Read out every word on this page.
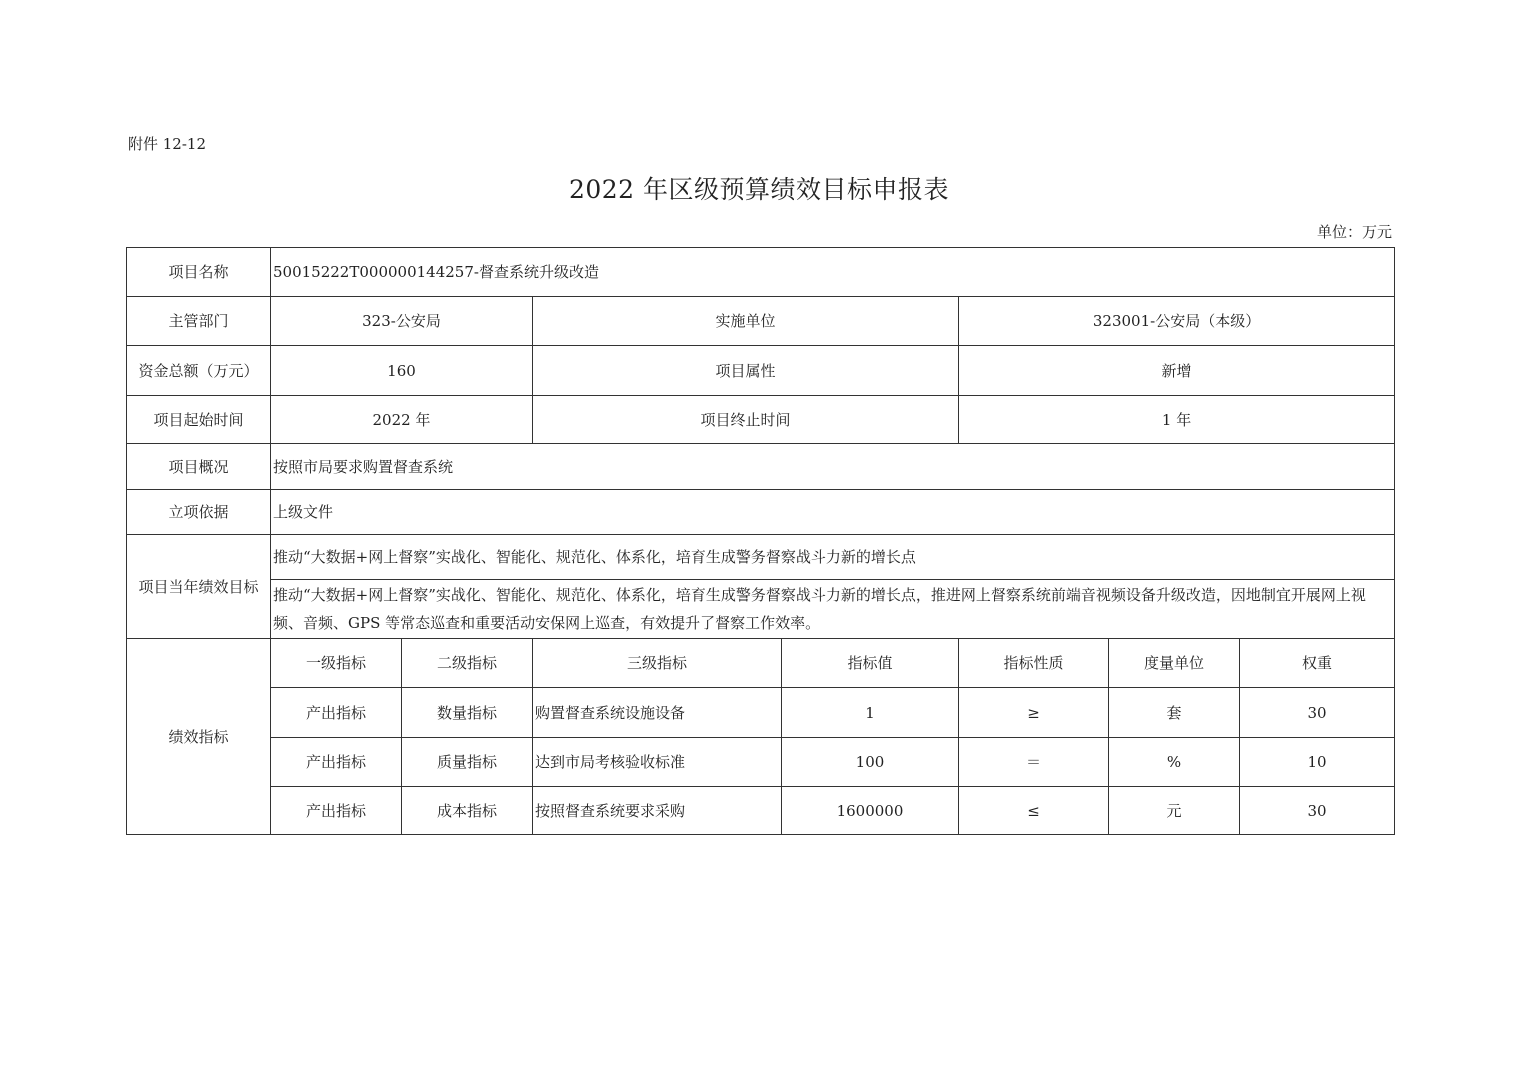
附件 12-12
2022 年区级预算绩效目标申报表
单位：万元
项目名称	50015222T000000144257-督查系统升级改造						
主管部门	323-公安局		实施单位		323001-公安局（本级）		
资金总额（万元）	160		项目属性		新增		
项目起始时间	2022 年		项目终止时间		1 年		
项目概况	按照市局要求购置督查系统						
立项依据	上级文件						
项目当年绩效目标	推动“大数据+网上督察”实战化、智能化、规范化、体系化，培育生成警务督察战斗力新的增长点						
	推动“大数据+网上督察”实战化、智能化、规范化、体系化，培育生成警务督察战斗力新的增长点，推进网上督察系统前端音视频设备升级改造，因地制宜开展网上视频、音频、GPS 等常态巡查和重要活动安保网上巡查，有效提升了督察工作效率。						
绩效指标	一级指标	二级指标	三级指标	指标值	指标性质	度量单位	权重
	产出指标	数量指标	购置督查系统设施设备	1	≥	套	30
	产出指标	质量指标	达到市局考核验收标准	100	＝	%	10
	产出指标	成本指标	按照督查系统要求采购	1600000	≤	元	30
